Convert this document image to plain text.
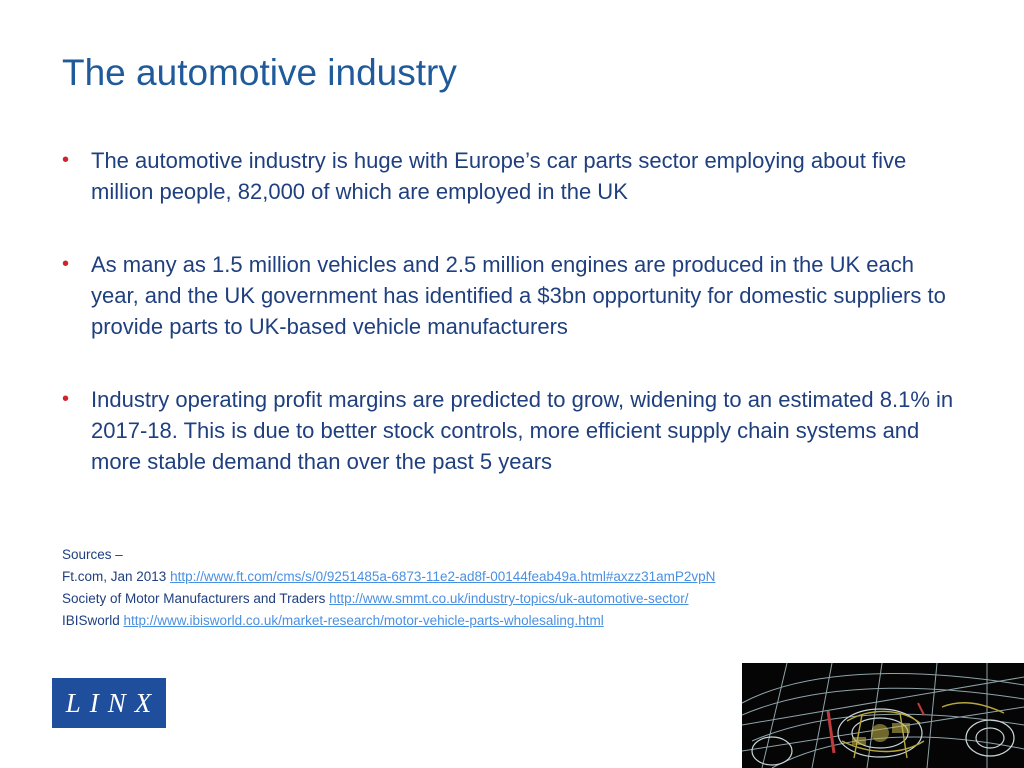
The automotive industry
• The automotive industry is huge with Europe’s car parts sector employing about five million people, 82,000 of which are employed in the UK
• As many as 1.5 million vehicles and 2.5 million engines are produced in the UK each year, and the UK government has identified a $3bn opportunity for domestic suppliers to provide parts to UK-based vehicle manufacturers
• Industry operating profit margins are predicted to grow, widening to an estimated 8.1% in 2017-18. This is due to better stock controls, more efficient supply chain systems and more stable demand than over the past 5 years
Sources –
Ft.com, Jan 2013 http://www.ft.com/cms/s/0/9251485a-6873-11e2-ad8f-00144feab49a.html#axzz31amP2vpN
Society of Motor Manufacturers and Traders http://www.smmt.co.uk/industry-topics/uk-automotive-sector/
IBISworld http://www.ibisworld.co.uk/market-research/motor-vehicle-parts-wholesaling.html
LINX
